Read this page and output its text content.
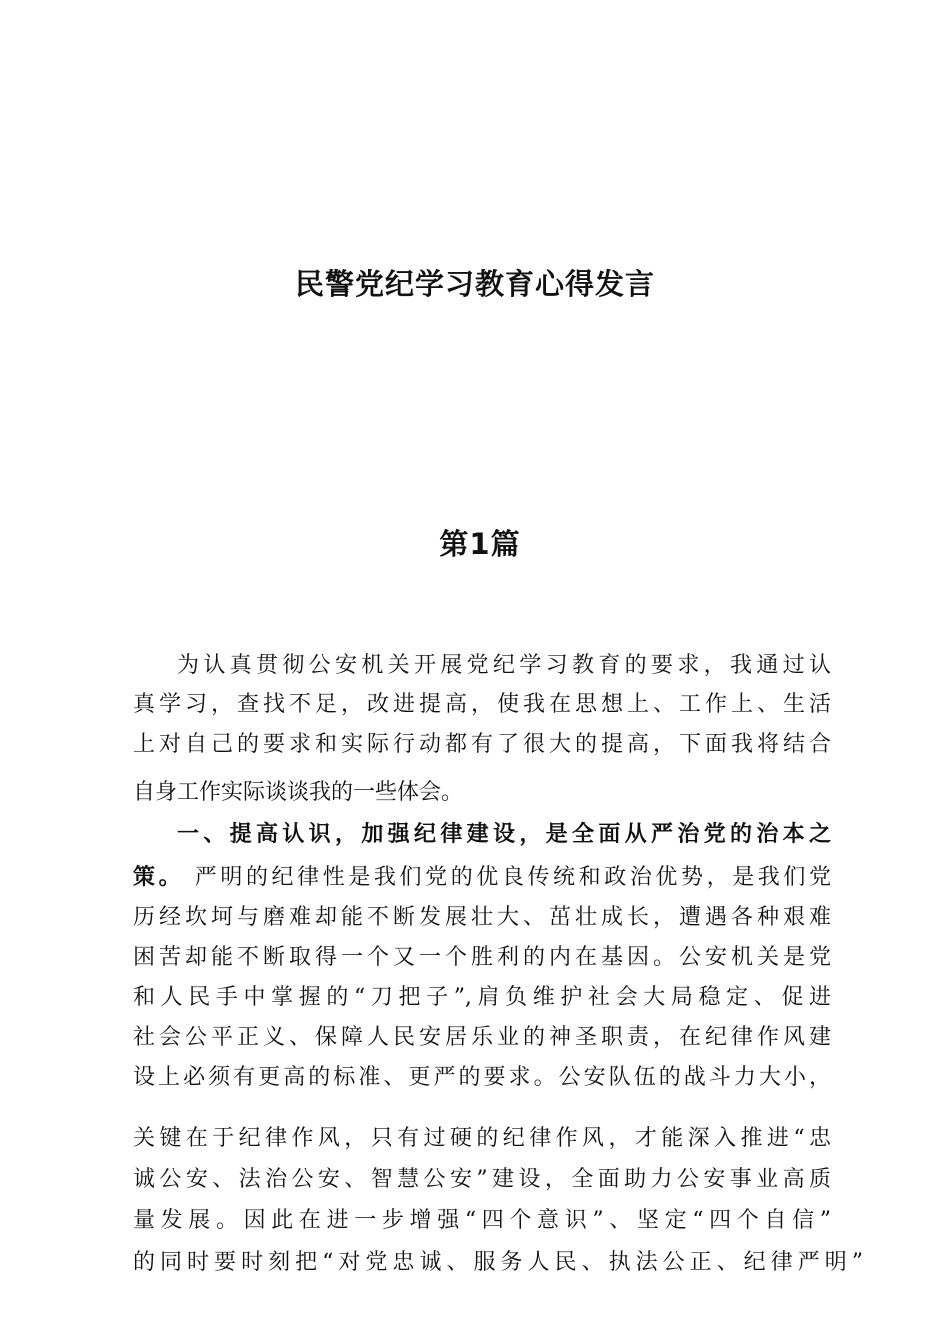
民警党纪学习教育心得发言
第1篇

为认真贯彻公安机关开展党纪学习教育的要求，我通过认

真学习，查找不足，改进提高，使我在思想上、工作上、生活

上对自己的要求和实际行动都有了很大的提高，下面我将结合

自身工作实际谈谈我的一些体会。

一、提高认识，加强纪律建设，是全面从严治党的治本之

策。 严明的纪律性是我们党的优良传统和政治优势，是我们党

历经坎坷与磨难却能不断发展壮大、茁壮成长，遭遇各种艰难

困苦却能不断取得一个又一个胜利的内在基因。公安机关是党

和人民手中掌握的“刀把子”,肩负维护社会大局稳定、促进

社会公平正义、保障人民安居乐业的神圣职责，在纪律作风建

设上必须有更高的标准、更严的要求。公安队伍的战斗力大小，

关键在于纪律作风，只有过硬的纪律作风，才能深入推进“忠

诚公安、法治公安、智慧公安”建设，全面助力公安事业高质

量发展。因此在进一步增强“四个意识”、坚定“四个自信”

的同时要时刻把“对党忠诚、服务人民、执法公正、纪律严明”
